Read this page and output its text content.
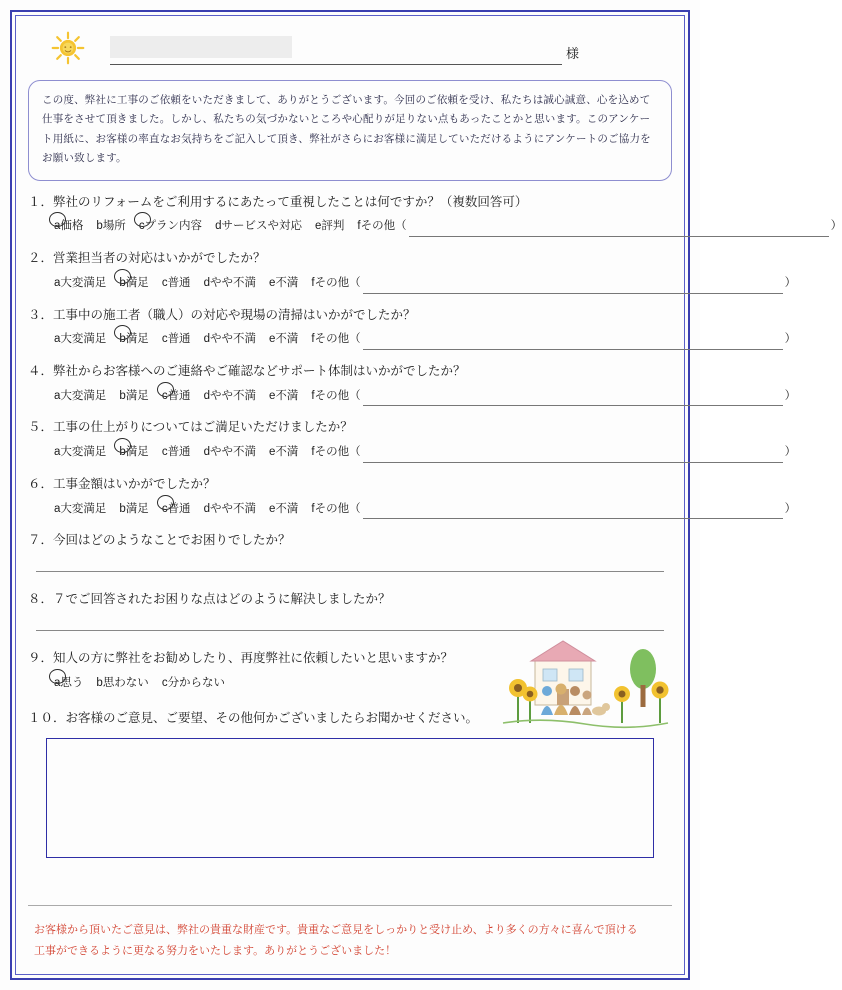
様
この度、弊社に工事のご依頼をいただきまして、ありがとうございます。今回のご依頼を受け、私たちは誠心誠意、心を込めて仕事をさせて頂きました。しかし、私たちの気づかないところや心配りが足りない点もあったことかと思います。このアンケート用紙に、お客様の率直なお気持ちをご記入して頂き、弊社がさらにお客様に満足していただけるようにアンケートのご協力をお願い致します。
１．弊社のリフォームをご利用するにあたって重視したことは何ですか？（複数回答可）
a価格 b場所 cプラン内容 dサービスや対応 e評判 fその他（	）
２．営業担当者の対応はいかがでしたか？
a大変満足 b満足 c普通 dやや不満 e不満 fその他（	）
３．工事中の施工者（職人）の対応や現場の清掃はいかがでしたか？
a大変満足 b満足 c普通 dやや不満 e不満 fその他（	）
４．弊社からお客様へのご連絡やご確認などサポート体制はいかがでしたか？
a大変満足 b満足 c普通 dやや不満 e不満 fその他（	）
５．工事の仕上がりについてはご満足いただけましたか？
a大変満足 b満足 c普通 dやや不満 e不満 fその他（	）
６．工事金額はいかがでしたか？
a大変満足 b満足 c普通 dやや不満 e不満 fその他（	）
７．今回はどのようなことでお困りでしたか？
８．７でご回答されたお困りな点はどのように解決しましたか？
９．知人の方に弊社をお勧めしたり、再度弊社に依頼したいと思いますか？
a思う b思わない c分からない
１０．お客様のご意見、ご要望、その他何かございましたらお聞かせください。
お客様から頂いたご意見は、弊社の貴重な財産です。貴重なご意見をしっかりと受け止め、より多くの方々に喜んで頂ける
工事ができるように更なる努力をいたします。ありがとうございました！
